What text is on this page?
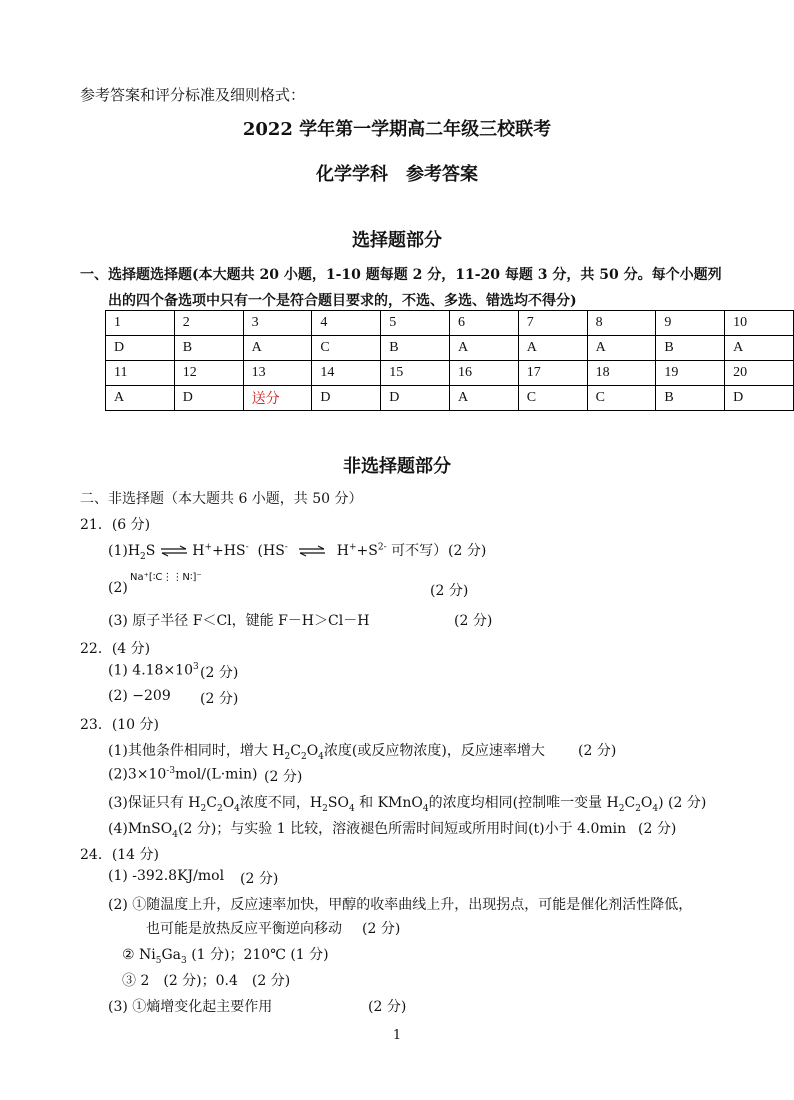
参考答案和评分标准及细则格式：
2022 学年第一学期高二年级三校联考
化学学科　参考答案
选择题部分
一、选择题选择题(本大题共 20 小题，1-10 题每题 2 分，11-20 每题 3 分，共 50 分。每个小题列
出的四个备选项中只有一个是符合题目要求的，不选、多选、错选均不得分)
1	2	3	4	5	6	7	8	9	10
D	B	A	C	B	A	A	A	B	A
11	12	13	14	15	16	17	18	19	20
A	D	送分	D	D	A	C	C	B	D
非选择题部分
二、非选择题（本大题共 6 小题，共 50 分）
21．(6 分)
$(1)H_2S$ ⇌ H++HS- (HS- ⇌ $H^++S^{2-}$ 可不写） (2 分)
(2)
Na⁺[∶C⋮⋮N∶]⁻
(2 分)
(3) 原子半径 F＜Cl，键能 F－H＞Cl－H	(2 分)
22．(4 分)
(1) $4.18\times 10^3$ (2 分)
(2) −209 (2 分)
23．(10 分)
(1)其他条件相同时，增大 $H_2C_2O_4$浓度(或反应物浓度)，反应速率增大 (2 分)
$(2)3\times 10^{-3}mol/(L\cdot\min)$ (2 分)
(3)保证只有 $H_2C_2O_4$浓度不同，$H_2SO_4$ 和 KMnO$_4$的浓度均相同(控制唯一变量 $H_2C_2O_4$) (2 分)
(4)MnSO$_4$(2 分)；与实验 1 比较，溶液褪色所需时间短或所用时间(t)小于 4.0min (2 分)
24．(14 分)
(1) -392.8KJ/mol (2 分)
(2) ①随温度上升，反应速率加快，甲醇的收率曲线上升，出现拐点，可能是催化剂活性降低，
也可能是放热反应平衡逆向移动 (2 分)
② $Ni_5Ga_3$ (1 分)；210℃ (1 分)
③ 2　(2 分)；0.4　(2 分)
(3) ①熵增变化起主要作用	(2 分)
1
